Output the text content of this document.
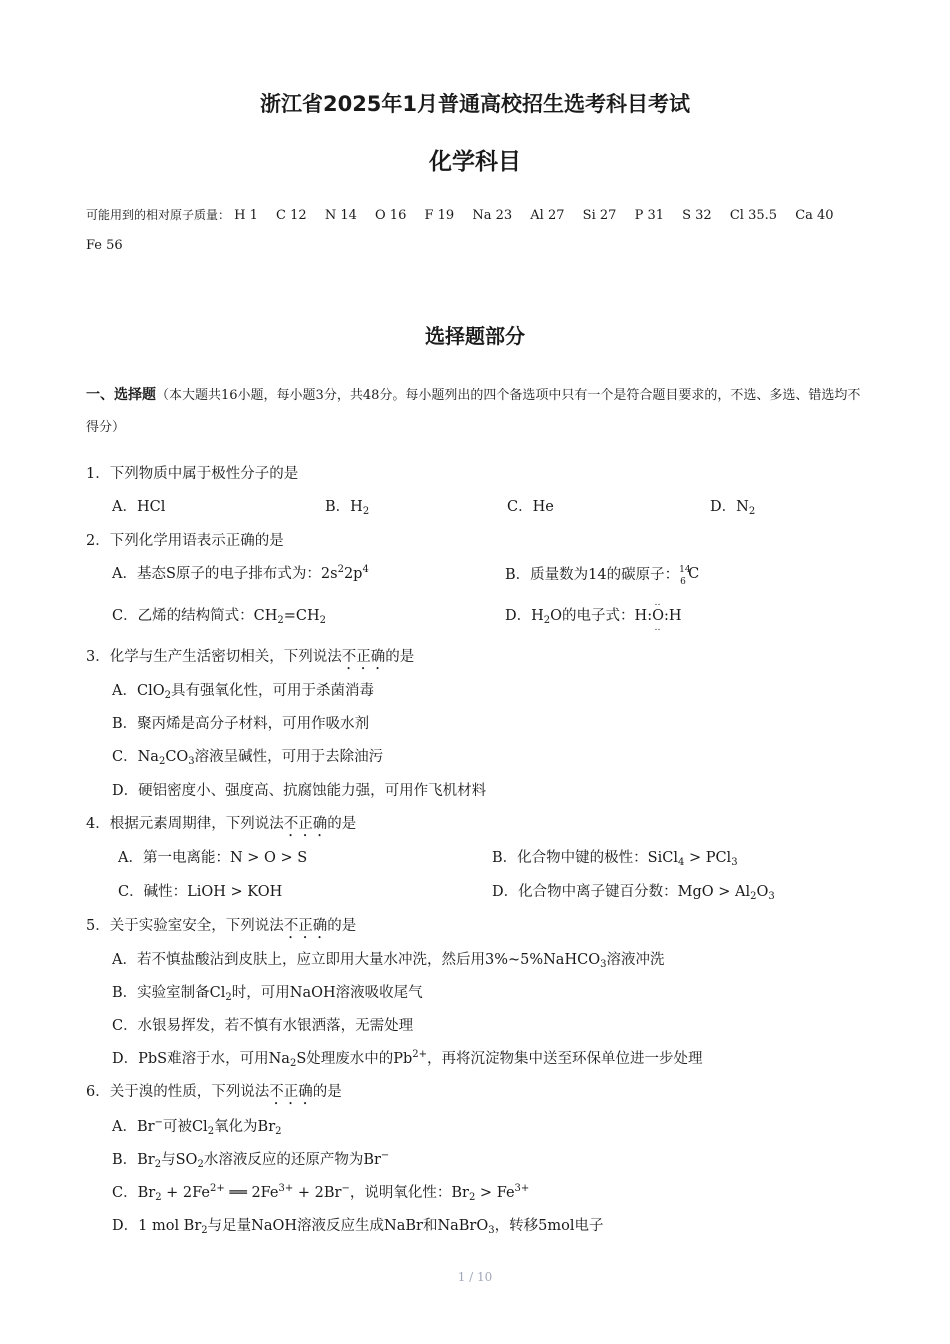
浙江省2025年1月普通高校招生选考科目考试
化学科目
可能用到的相对原子质量： H 1 C 12 N 14 O 16 F 19 Na 23 Al 27 Si 27 P 31 S 32 Cl 35.5 Ca 40 Fe 56
选择题部分
一、选择题（本大题共16小题，每小题3分，共48分。每小题列出的四个备选项中只有一个是符合题目要求的，不选、多选、错选均不得分）
1．下列物质中属于极性分子的是
A．HCl	B．$H_2$	C．He	D．$N_2$
2．下列化学用语表示正确的是
A．基态S原子的电子排布式为：$2s^22p^4$	B．质量数为14的碳原子： 14
6 C
C．乙烯的结构简式：$CH_2=CH_2$	D．$H_2O$的电子式：H:
‥
O
‥
:H
3．化学与生产生活密切相关，下列说法不正确的是
A．ClO$_2$具有强氧化性，可用于杀菌消毒
B．聚丙烯是高分子材料，可用作吸水剂
C．$Na_2CO_3$溶液呈碱性，可用于去除油污
D．硬铝密度小、强度高、抗腐蚀能力强，可用作飞机材料
4．根据元素周期律，下列说法不正确的是
A．第一电离能：N > O > S	B．化合物中键的极性：SiCl$_4$ > PCl$_3$
C．碱性：LiOH > KOH	D．化合物中离子键百分数：MgO > $Al_2O_3$
5．关于实验室安全，下列说法不正确的是
A．若不慎盐酸沾到皮肤上，应立即用大量水冲洗，然后用3%~5%NaHCO$_3$溶液冲洗
B．实验室制备$Cl_2$时，可用NaOH溶液吸收尾气
C．水银易挥发，若不慎有水银洒落，无需处理
D．PbS难溶于水，可用$Na_2S$处理废水中的$Pb^{2+}$，再将沉淀物集中送至环保单位进一步处理
6．关于溴的性质，下列说法不正确的是
A．Br−可被$Cl_2$氧化为$Br_2$
B．$Br_2$与$SO_2$水溶液反应的还原产物为Br−
C．$Br_2 + 2Fe^{2+}$ ══ $2Fe^{3+} + 2Br^-$，说明氧化性：$Br_2 > Fe^{3+}$
D．1 mol $Br_2$与足量NaOH溶液反应生成NaBr和NaBrO$_3$，转移5mol电子
1 / 10
